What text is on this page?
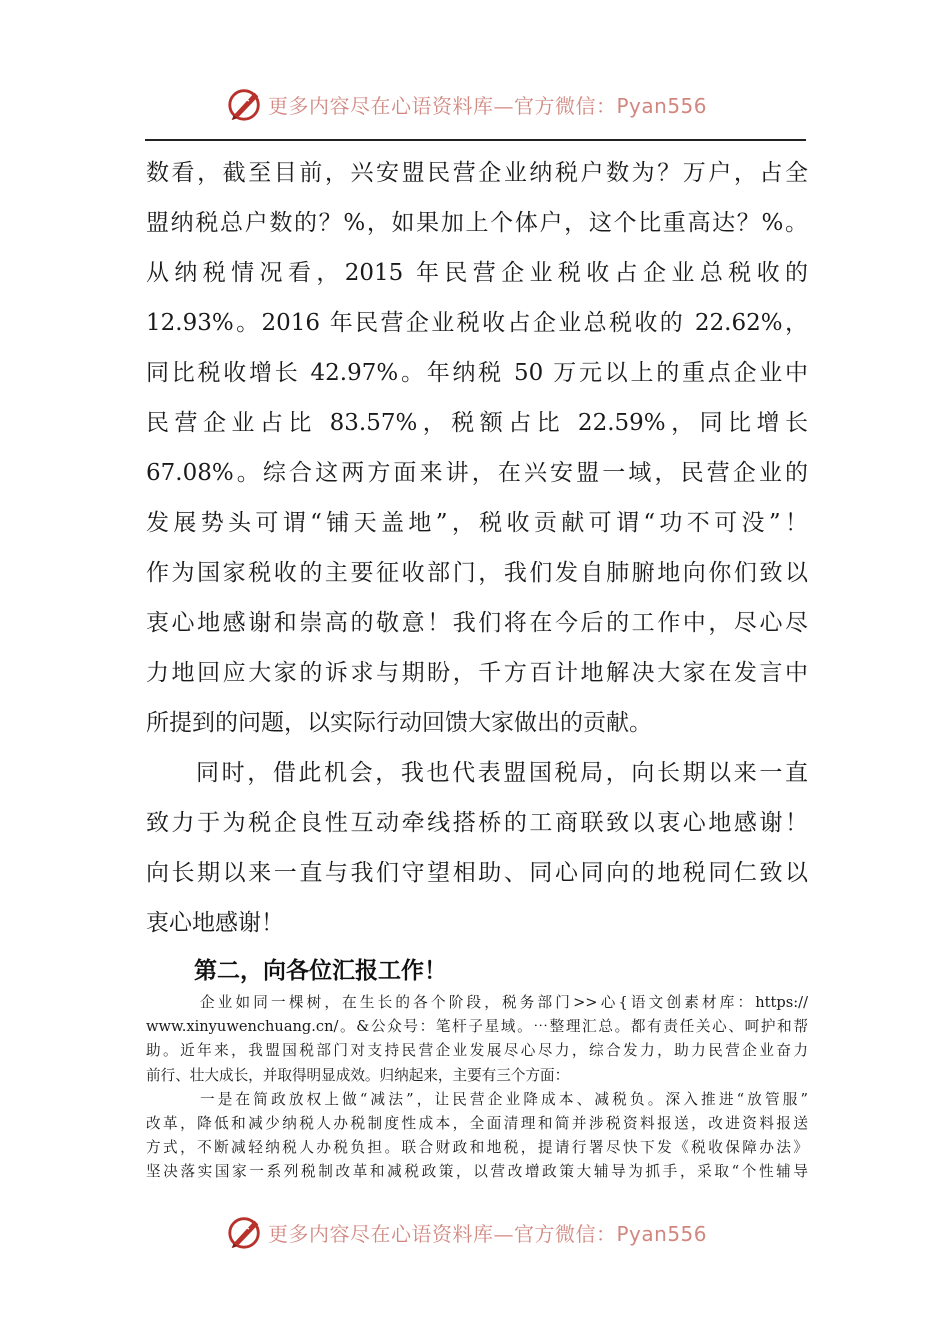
更多内容尽在心语资料库—官方微信：Pyan556
数看，截至目前，兴安盟民营企业纳税户数为？万户，占全
盟纳税总户数的？%，如果加上个体户，这个比重高达？%。
从纳税情况看，2015 年民营企业税收占企业总税收的
12.93%。2016 年民营企业税收占企业总税收的 22.62%，
同比税收增长 42.97%。年纳税 50 万元以上的重点企业中
民营企业占比 83.57%，税额占比 22.59%，同比增长
67.08%。综合这两方面来讲，在兴安盟一域，民营企业的
发展势头可谓“铺天盖地”，税收贡献可谓“功不可没”！
作为国家税收的主要征收部门，我们发自肺腑地向你们致以
衷心地感谢和崇高的敬意！我们将在今后的工作中，尽心尽
力地回应大家的诉求与期盼，千方百计地解决大家在发言中
所提到的问题，以实际行动回馈大家做出的贡献。
同时，借此机会，我也代表盟国税局，向长期以来一直
致力于为税企良性互动牵线搭桥的工商联致以衷心地感谢！
向长期以来一直与我们守望相助、同心同向的地税同仁致以
衷心地感谢！
第二，向各位汇报工作！
企业如同一棵树，在生长的各个阶段，税务部门>>心{语文创素材库：https://
www.xinyuwenchuang.cn/。&公众号：笔杆子星域。⋯整理汇总。都有责任关心、呵护和帮
助。近年来，我盟国税部门对支持民营企业发展尽心尽力，综合发力，助力民营企业奋力
前行、壮大成长，并取得明显成效。归纳起来，主要有三个方面：
一是在简政放权上做“减法”，让民营企业降成本、减税负。深入推进“放管服”
改革，降低和减少纳税人办税制度性成本，全面清理和简并涉税资料报送，改进资料报送
方式，不断减轻纳税人办税负担。联合财政和地税，提请行署尽快下发《税收保障办法》
坚决落实国家一系列税制改革和减税政策，以营改增政策大辅导为抓手，采取“个性辅导
更多内容尽在心语资料库—官方微信：Pyan556
